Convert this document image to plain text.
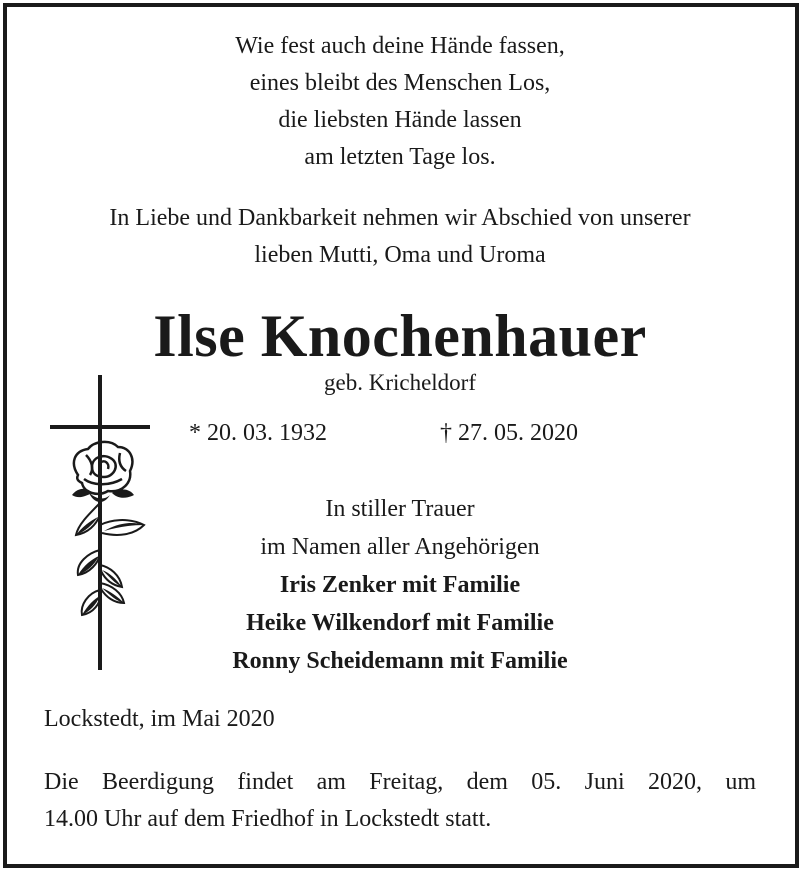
Wie fest auch deine Hände fassen,
eines bleibt des Menschen Los,
die liebsten Hände lassen
am letzten Tage los.
In Liebe und Dankbarkeit nehmen wir Abschied von unserer
lieben Mutti, Oma und Uroma
Ilse Knochenhauer
geb. Kricheldorf
* 20. 03. 1932	† 27. 05. 2020
In stiller Trauer
im Namen aller Angehörigen
Iris Zenker mit Familie
Heike Wilkendorf mit Familie
Ronny Scheidemann mit Familie
Lockstedt, im Mai 2020
Die Beerdigung findet am Freitag, dem 05. Juni 2020, um
14.00 Uhr auf dem Friedhof in Lockstedt statt.
